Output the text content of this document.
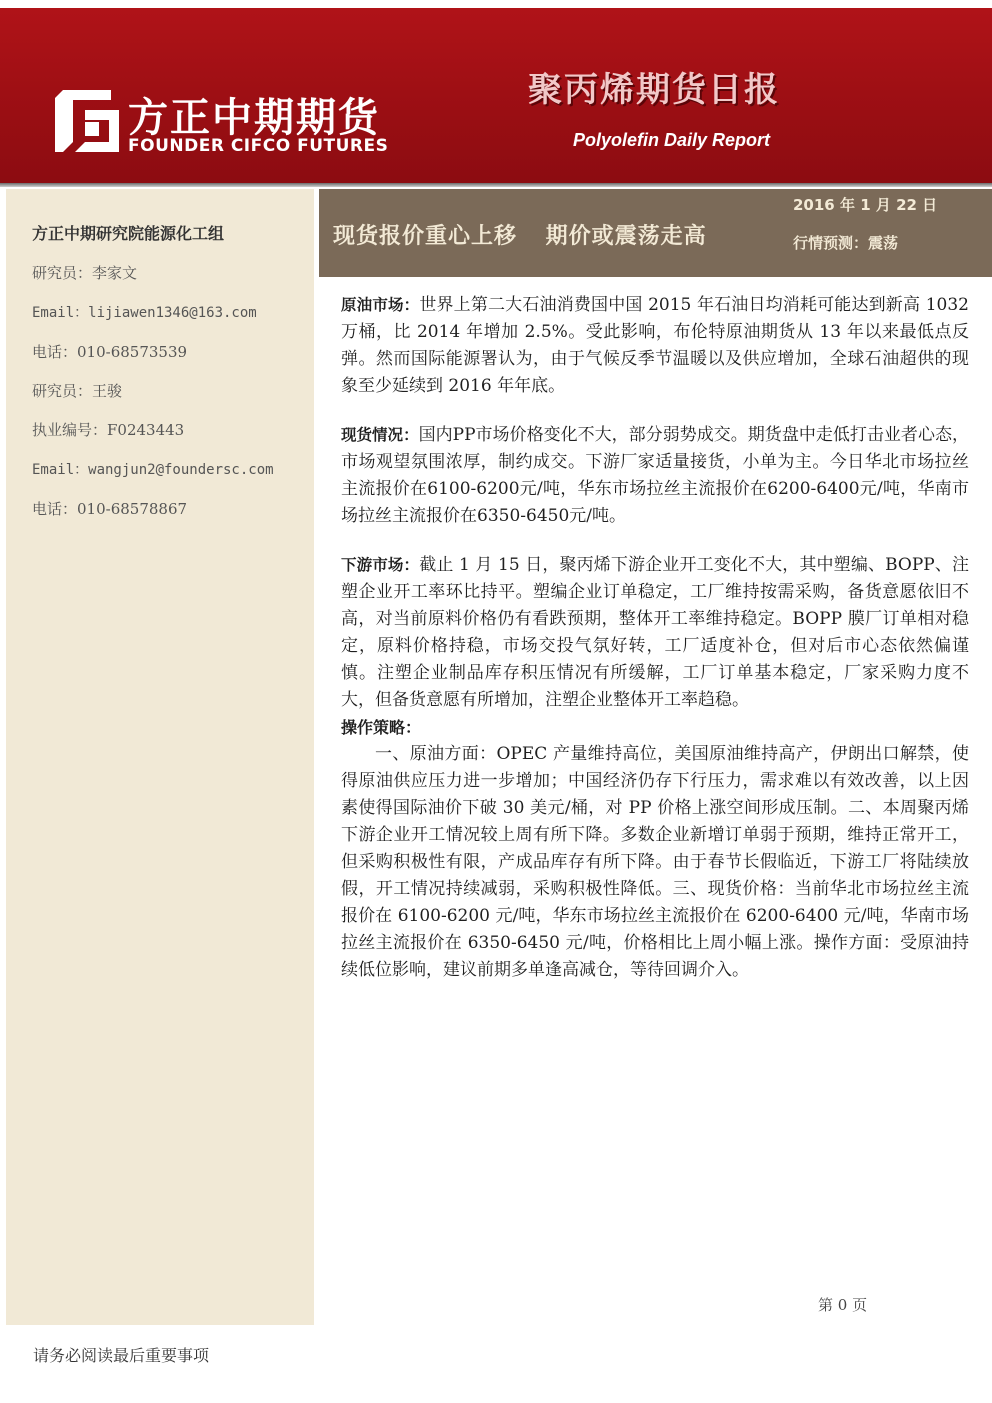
方正中期期货
FOUNDER CIFCO FUTURES
聚丙烯期货日报
Polyolefin Daily Report
方正中期研究院能源化工组
研究员：李家文
Email：lijiawen1346@163.com
电话：010-68573539
研究员：王骏
执业编号：F0243443
Email：wangjun2@foundersc.com
电话：010-68578867
现货报价重心上移 期价或震荡走高
2016 年 1 月 22 日
行情预测：震荡

原油市场：世界上第二大石油消费国中国 2015 年石油日均消耗可能达到新高 1032 万桶，比 2014 年增加 2.5%。受此影响，布伦特原油期货从 13 年以来最低点反弹。然而国际能源署认为，由于气候反季节温暖以及供应增加，全球石油超供的现象至少延续到 2016 年年底。

现货情况：国内PP市场价格变化不大，部分弱势成交。期货盘中走低打击业者心态，市场观望氛围浓厚，制约成交。下游厂家适量接货，小单为主。今日华北市场拉丝主流报价在6100-6200元/吨，华东市场拉丝主流报价在6200-6400元/吨，华南市场拉丝主流报价在6350-6450元/吨。

下游市场：截止 1 月 15 日，聚丙烯下游企业开工变化不大，其中塑编、BOPP、注塑企业开工率环比持平。塑编企业订单稳定，工厂维持按需采购，备货意愿依旧不高，对当前原料价格仍有看跌预期，整体开工率维持稳定。BOPP 膜厂订单相对稳定，原料价格持稳，市场交投气氛好转，工厂适度补仓，但对后市心态依然偏谨慎。注塑企业制品库存积压情况有所缓解，工厂订单基本稳定，厂家采购力度不大，但备货意愿有所增加，注塑企业整体开工率趋稳。

操作策略：

一、原油方面：OPEC 产量维持高位，美国原油维持高产，伊朗出口解禁，使得原油供应压力进一步增加；中国经济仍存下行压力，需求难以有效改善，以上因素使得国际油价下破 30 美元/桶，对 PP 价格上涨空间形成压制。二、本周聚丙烯下游企业开工情况较上周有所下降。多数企业新增订单弱于预期，维持正常开工，但采购积极性有限，产成品库存有所下降。由于春节长假临近，下游工厂将陆续放假，开工情况持续减弱，采购积极性降低。三、现货价格：当前华北市场拉丝主流报价在 6100-6200 元/吨，华东市场拉丝主流报价在 6200-6400 元/吨，华南市场拉丝主流报价在 6350-6450 元/吨，价格相比上周小幅上涨。操作方面：受原油持续低位影响，建议前期多单逢高减仓，等待回调介入。

第 0 页
请务必阅读最后重要事项
